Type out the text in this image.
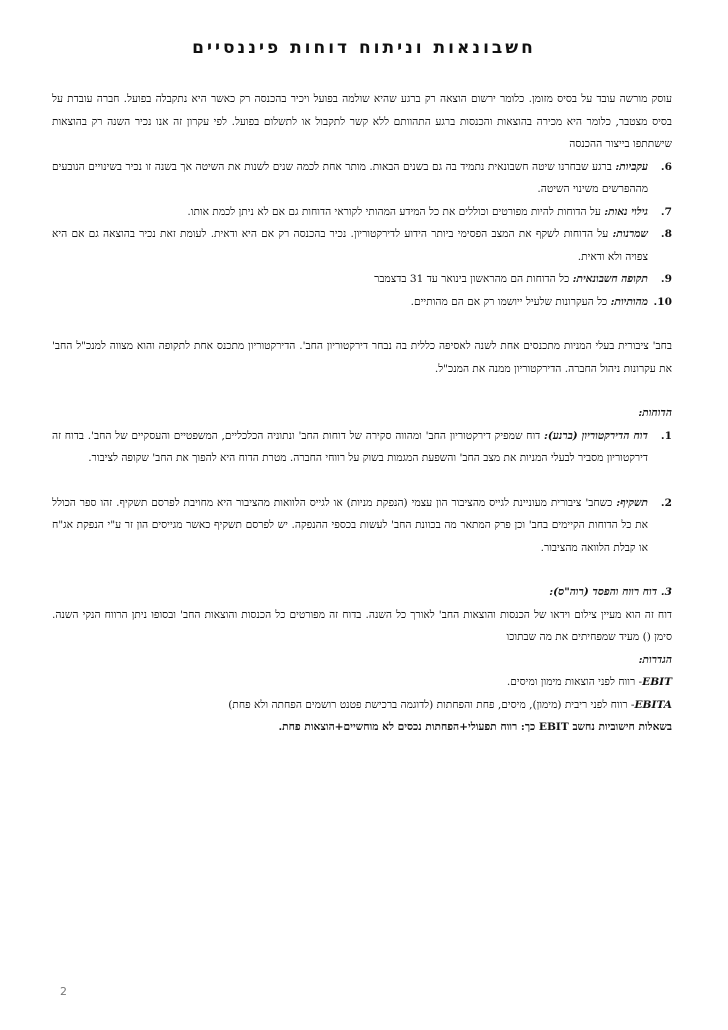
חשבונאות וניתוח דוחות פיננסיים

עוסק מורשה עובד על בסיס מזומן. כלומר ירשום הוצאה רק ברגע שהיא שולמה בפועל ויכיר בהכנסה רק כאשר היא נתקבלה בפועל. חברה עובדת על בסיס מצטבר, כלומר היא מכירה בהוצאות והכנסות ברגע התהוותם ללא קשר לתקבול או לתשלום בפועל. לפי עקרון זה אנו נכיר השנה רק בהוצאות שישתתפו בייצור ההכנסה

6.
עקביות: ברגע שבחרנו שיטה חשבונאית נתמיד בה גם בשנים הבאות. מותר אחת לכמה שנים לשנות את השיטה אך בשנה זו נכיר בשינויים הנובעים מההפרשים משינוי השיטה.

7.
גילוי נאות: על הדוחות להיות מפורטים וכוללים את כל המידע המהותי לקוראי הדוחות גם אם לא ניתן לכמת אותו.

8.
שמרנות: על הדוחות לשקף את המצב הפסימי ביותר הידוע לדירקטוריון. נכיר בהכנסה רק אם היא ודאית. לעומת זאת נכיר בהוצאה גם אם היא צפויה ולא ודאית.

9.
תקופה חשבונאית: כל הדוחות הם מהראשון בינואר עד 31 בדצמבר

10.
מהותיות: כל העקרונות שלעיל ייושמו רק אם הם מהותיים.

בחב' ציבורית בעלי המניות מתכנסים אחת לשנה לאסיפה כללית בה נבחר דירקטוריון החב'. הדירקטוריון מתכנס אחת לתקופה והוא מצווה למנכ"ל החב' את עקרונות ניהול החברה. הדירקטוריון ממנה את המנכ"ל.

הדוחות:

1.
דוח הדירקטוריון (ברנע): דוח שמפיק דירקטוריון החב' ומהווה סקירה של דוחות החב' ונתוניה הכלכליים, המשפטיים והעסקיים של החב'. בדוח זה דירקטוריון מסביר לבעלי המניות את מצב החב' והשפעת המגמות בשוק על רווחי החברה. מטרת הדוח היא להפוך את החב' שקופה לציבור.

2.
תשקיף: כשחב' ציבורית מעוניינת לגייס מהציבור הון עצמי (הנפקת מניות) או לגייס הלוואות מהציבור היא מחויבת לפרסם תשקיף. זהו ספר הכולל את כל הדוחות הקיימים בחב' וכן פרק המתאר מה בכוונת החב' לעשות בכספי ההנפקה. יש לפרסם תשקיף כאשר מגייסים הון זר ע"י הנפקת אג"ח או קבלת הלוואה מהציבור.

3. דוח רווח והפסד (רוה"ס):

דוח זה הוא מעיין צילום וידאו של הכנסות והוצאות החב' לאורך כל השנה. בדוח זה מפורטים כל הכנסות והוצאות החב' ובסופו ניתן הרווח הנקי השנה. סימן () מעיד שמפחיתים את מה שבתוכו

הגדרות:

EBIT- רווח לפני הוצאות מימון ומיסים.

EBITA- רווח לפני ריבית (מימון), מיסים, פחת והפחתות (לדוגמה ברכישת פטנט רושמים הפחתה ולא פחת)

בשאלות חישוביות נחשב EBIT כך: רווח תפעולי+הפחתות נכסים לא מוחשיים+הוצאות פחת.

2
